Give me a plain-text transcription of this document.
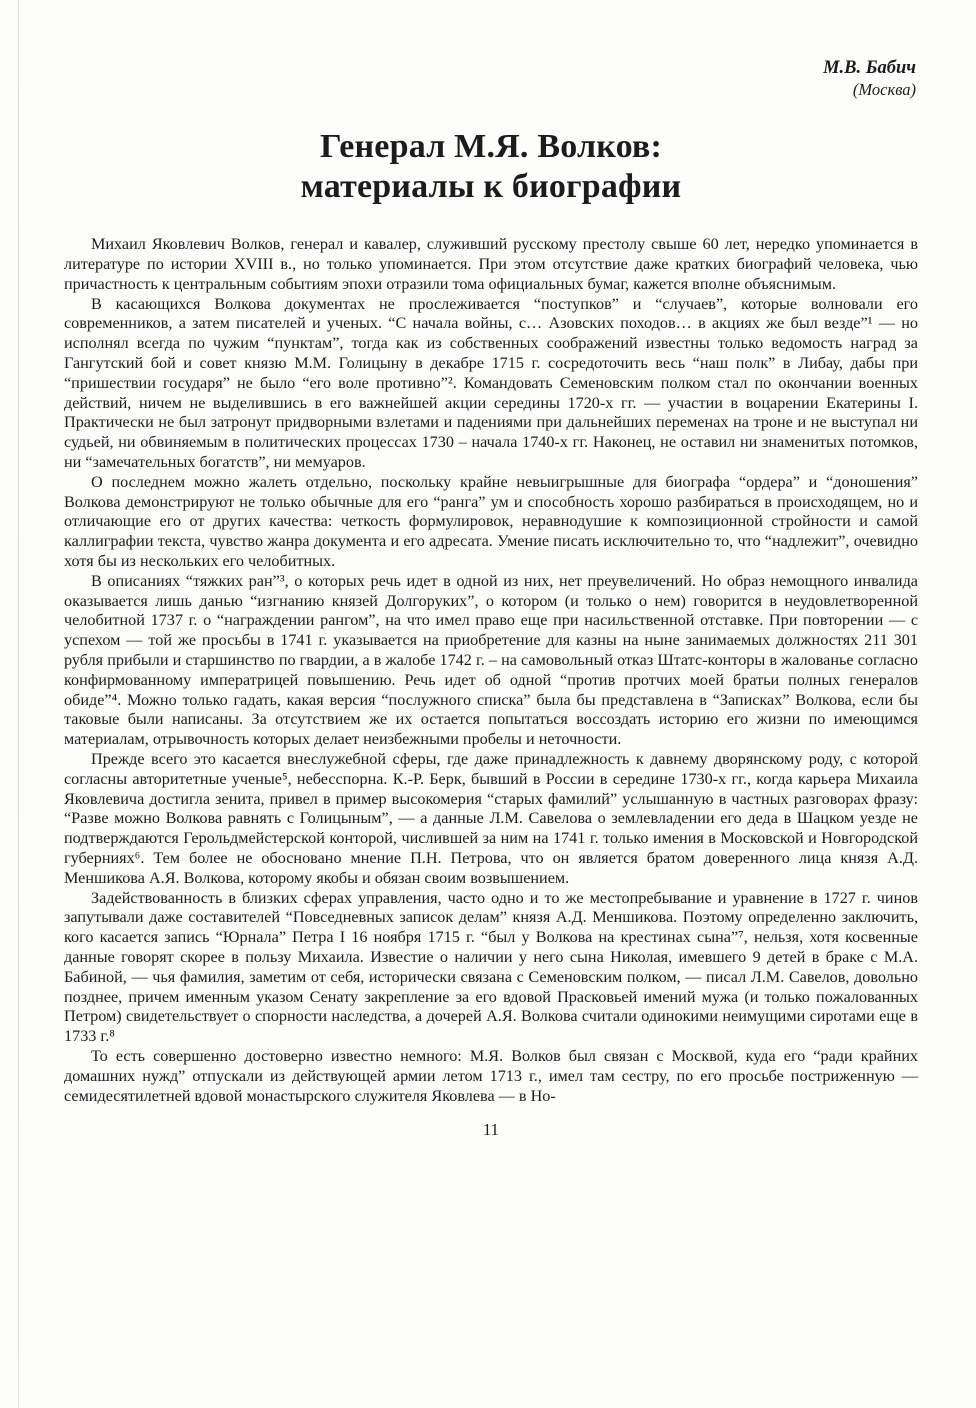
М.В. Бабич
(Москва)
Генерал М.Я. Волков:
материалы к биографии

Михаил Яковлевич Волков, генерал и кавалер, служивший русскому престолу свыше 60 лет, нередко упоминается в литературе по истории XVIII в., но только упоминается. При этом отсутствие даже кратких биографий человека, чью причастность к центральным событиям эпохи отразили тома официальных бумаг, кажется вполне объяснимым.

В касающихся Волкова документах не прослеживается “поступков” и “случаев”, которые волновали его современников, а затем писателей и ученых. “С начала войны, с… Азовских походов… в акциях же был везде”¹ — но исполнял всегда по чужим “пунктам”, тогда как из собственных соображений известны только ведомость наград за Гангутский бой и совет князю М.М. Голицыну в декабре 1715 г. сосредоточить весь “наш полк” в Либау, дабы при “пришествии государя” не было “его воле противно”². Командовать Семеновским полком стал по окончании военных действий, ничем не выделившись в его важнейшей акции середины 1720-х гг. — участии в воцарении Екатерины I. Практически не был затронут придворными взлетами и падениями при дальнейших переменах на троне и не выступал ни судьей, ни обвиняемым в политических процессах 1730 – начала 1740-х гг. Наконец, не оставил ни знаменитых потомков, ни “замечательных богатств”, ни мемуаров.

О последнем можно жалеть отдельно, поскольку крайне невыигрышные для биографа “ордера” и “доношения” Волкова демонстрируют не только обычные для его “ранга” ум и способность хорошо разбираться в происходящем, но и отличающие его от других качества: четкость формулировок, неравнодушие к композиционной стройности и самой каллиграфии текста, чувство жанра документа и его адресата. Умение писать исключительно то, что “надлежит”, очевидно хотя бы из нескольких его челобитных.

В описаниях “тяжких ран”³, о которых речь идет в одной из них, нет преувеличений. Но образ немощного инвалида оказывается лишь данью “изгнанию князей Долгоруких”, о котором (и только о нем) говорится в неудовлетворенной челобитной 1737 г. о “награждении рангом”, на что имел право еще при насильственной отставке. При повторении — с успехом — той же просьбы в 1741 г. указывается на приобретение для казны на ныне занимаемых должностях 211 301 рубля прибыли и старшинство по гвардии, а в жалобе 1742 г. – на самовольный отказ Штатс-конторы в жалованье согласно конфирмованному императрицей повышению. Речь идет об одной “против протчих моей братьи полных генералов обиде”⁴. Можно только гадать, какая версия “послужного списка” была бы представлена в “Записках” Волкова, если бы таковые были написаны. За отсутствием же их остается попытаться воссоздать историю его жизни по имеющимся материалам, отрывочность которых делает неизбежными пробелы и неточности.

Прежде всего это касается внеслужебной сферы, где даже принадлежность к давнему дворянскому роду, с которой согласны авторитетные ученые⁵, небесспорна. К.-Р. Берк, бывший в России в середине 1730-х гг., когда карьера Михаила Яковлевича достигла зенита, привел в пример высокомерия “старых фамилий” услышанную в частных разговорах фразу: “Разве можно Волкова равнять с Голицыным”, — а данные Л.М. Савелова о землевладении его деда в Шацком уезде не подтверждаются Герольдмейстерской конторой, числившей за ним на 1741 г. только имения в Московской и Новгородской губерниях⁶. Тем более не обосновано мнение П.Н. Петрова, что он является братом доверенного лица князя А.Д. Меншикова А.Я. Волкова, которому якобы и обязан своим возвышением.

Задействованность в близких сферах управления, часто одно и то же местопребывание и уравнение в 1727 г. чинов запутывали даже составителей “Повседневных записок делам” князя А.Д. Меншикова. Поэтому определенно заключить, кого касается запись “Юрнала” Петра I 16 ноября 1715 г. “был у Волкова на крестинах сына”⁷, нельзя, хотя косвенные данные говорят скорее в пользу Михаила. Известие о наличии у него сына Николая, имевшего 9 детей в браке с М.А. Бабиной, — чья фамилия, заметим от себя, исторически связана с Семеновским полком, — писал Л.М. Савелов, довольно позднее, причем именным указом Сенату закрепление за его вдовой Прасковьей имений мужа (и только пожалованных Петром) свидетельствует о спорности наследства, а дочерей А.Я. Волкова считали одинокими неимущими сиротами еще в 1733 г.⁸

То есть совершенно достоверно известно немного: М.Я. Волков был связан с Москвой, куда его “ради крайних домашних нужд” отпускали из действующей армии летом 1713 г., имел там сестру, по его просьбе постриженную —семидесятилетней вдовой монастырского служителя Яковлева — в Но-

11
